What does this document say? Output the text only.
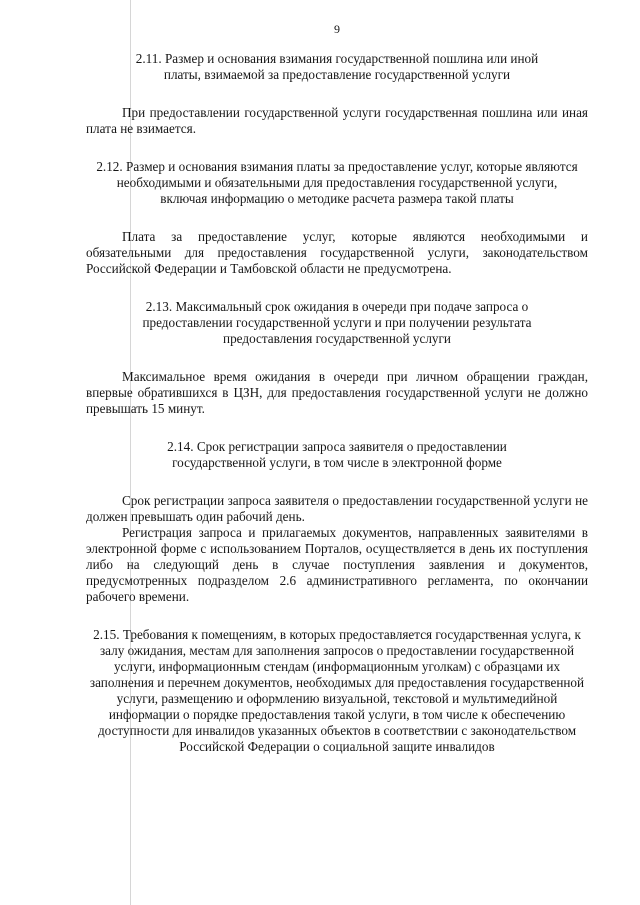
9

2.11. Размер и основания взимания государственной пошлина или иной платы, взимаемой за предоставление государственной услуги

При предоставлении государственной услуги государственная пошлина или иная плата не взимается.

2.12. Размер и основания взимания платы за предоставление услуг, которые являются необходимыми и обязательными для предоставления государственной услуги, включая информацию о методике расчета размера такой платы

Плата за предоставление услуг, которые являются необходимыми и обязательными для предоставления государственной услуги, законодательством Российской Федерации и Тамбовской области не предусмотрена.

2.13. Максимальный срок ожидания в очереди при подаче запроса о предоставлении государственной услуги и при получении результата предоставления государственной услуги

Максимальное время ожидания в очереди при личном обращении граждан, впервые обратившихся в ЦЗН, для предоставления государственной услуги не должно превышать 15 минут.

2.14. Срок регистрации запроса заявителя о предоставлении государственной услуги, в том числе в электронной форме

Срок регистрации запроса заявителя о предоставлении государственной услуги не должен превышать один рабочий день.

Регистрация запроса и прилагаемых документов, направленных заявителями в электронной форме с использованием Порталов, осуществляется в день их поступления либо на следующий день в случае поступления заявления и документов, предусмотренных подразделом 2.6 административного регламента, по окончании рабочего времени.

2.15. Требования к помещениям, в которых предоставляется государственная услуга, к залу ожидания, местам для заполнения запросов о предоставлении государственной услуги, информационным стендам (информационным уголкам) с образцами их заполнения и перечнем документов, необходимых для предоставления государственной услуги, размещению и оформлению визуальной, текстовой и мультимедийной информации о порядке предоставления такой услуги, в том числе к обеспечению доступности для инвалидов указанных объектов в соответствии с законодательством Российской Федерации о социальной защите инвалидов
